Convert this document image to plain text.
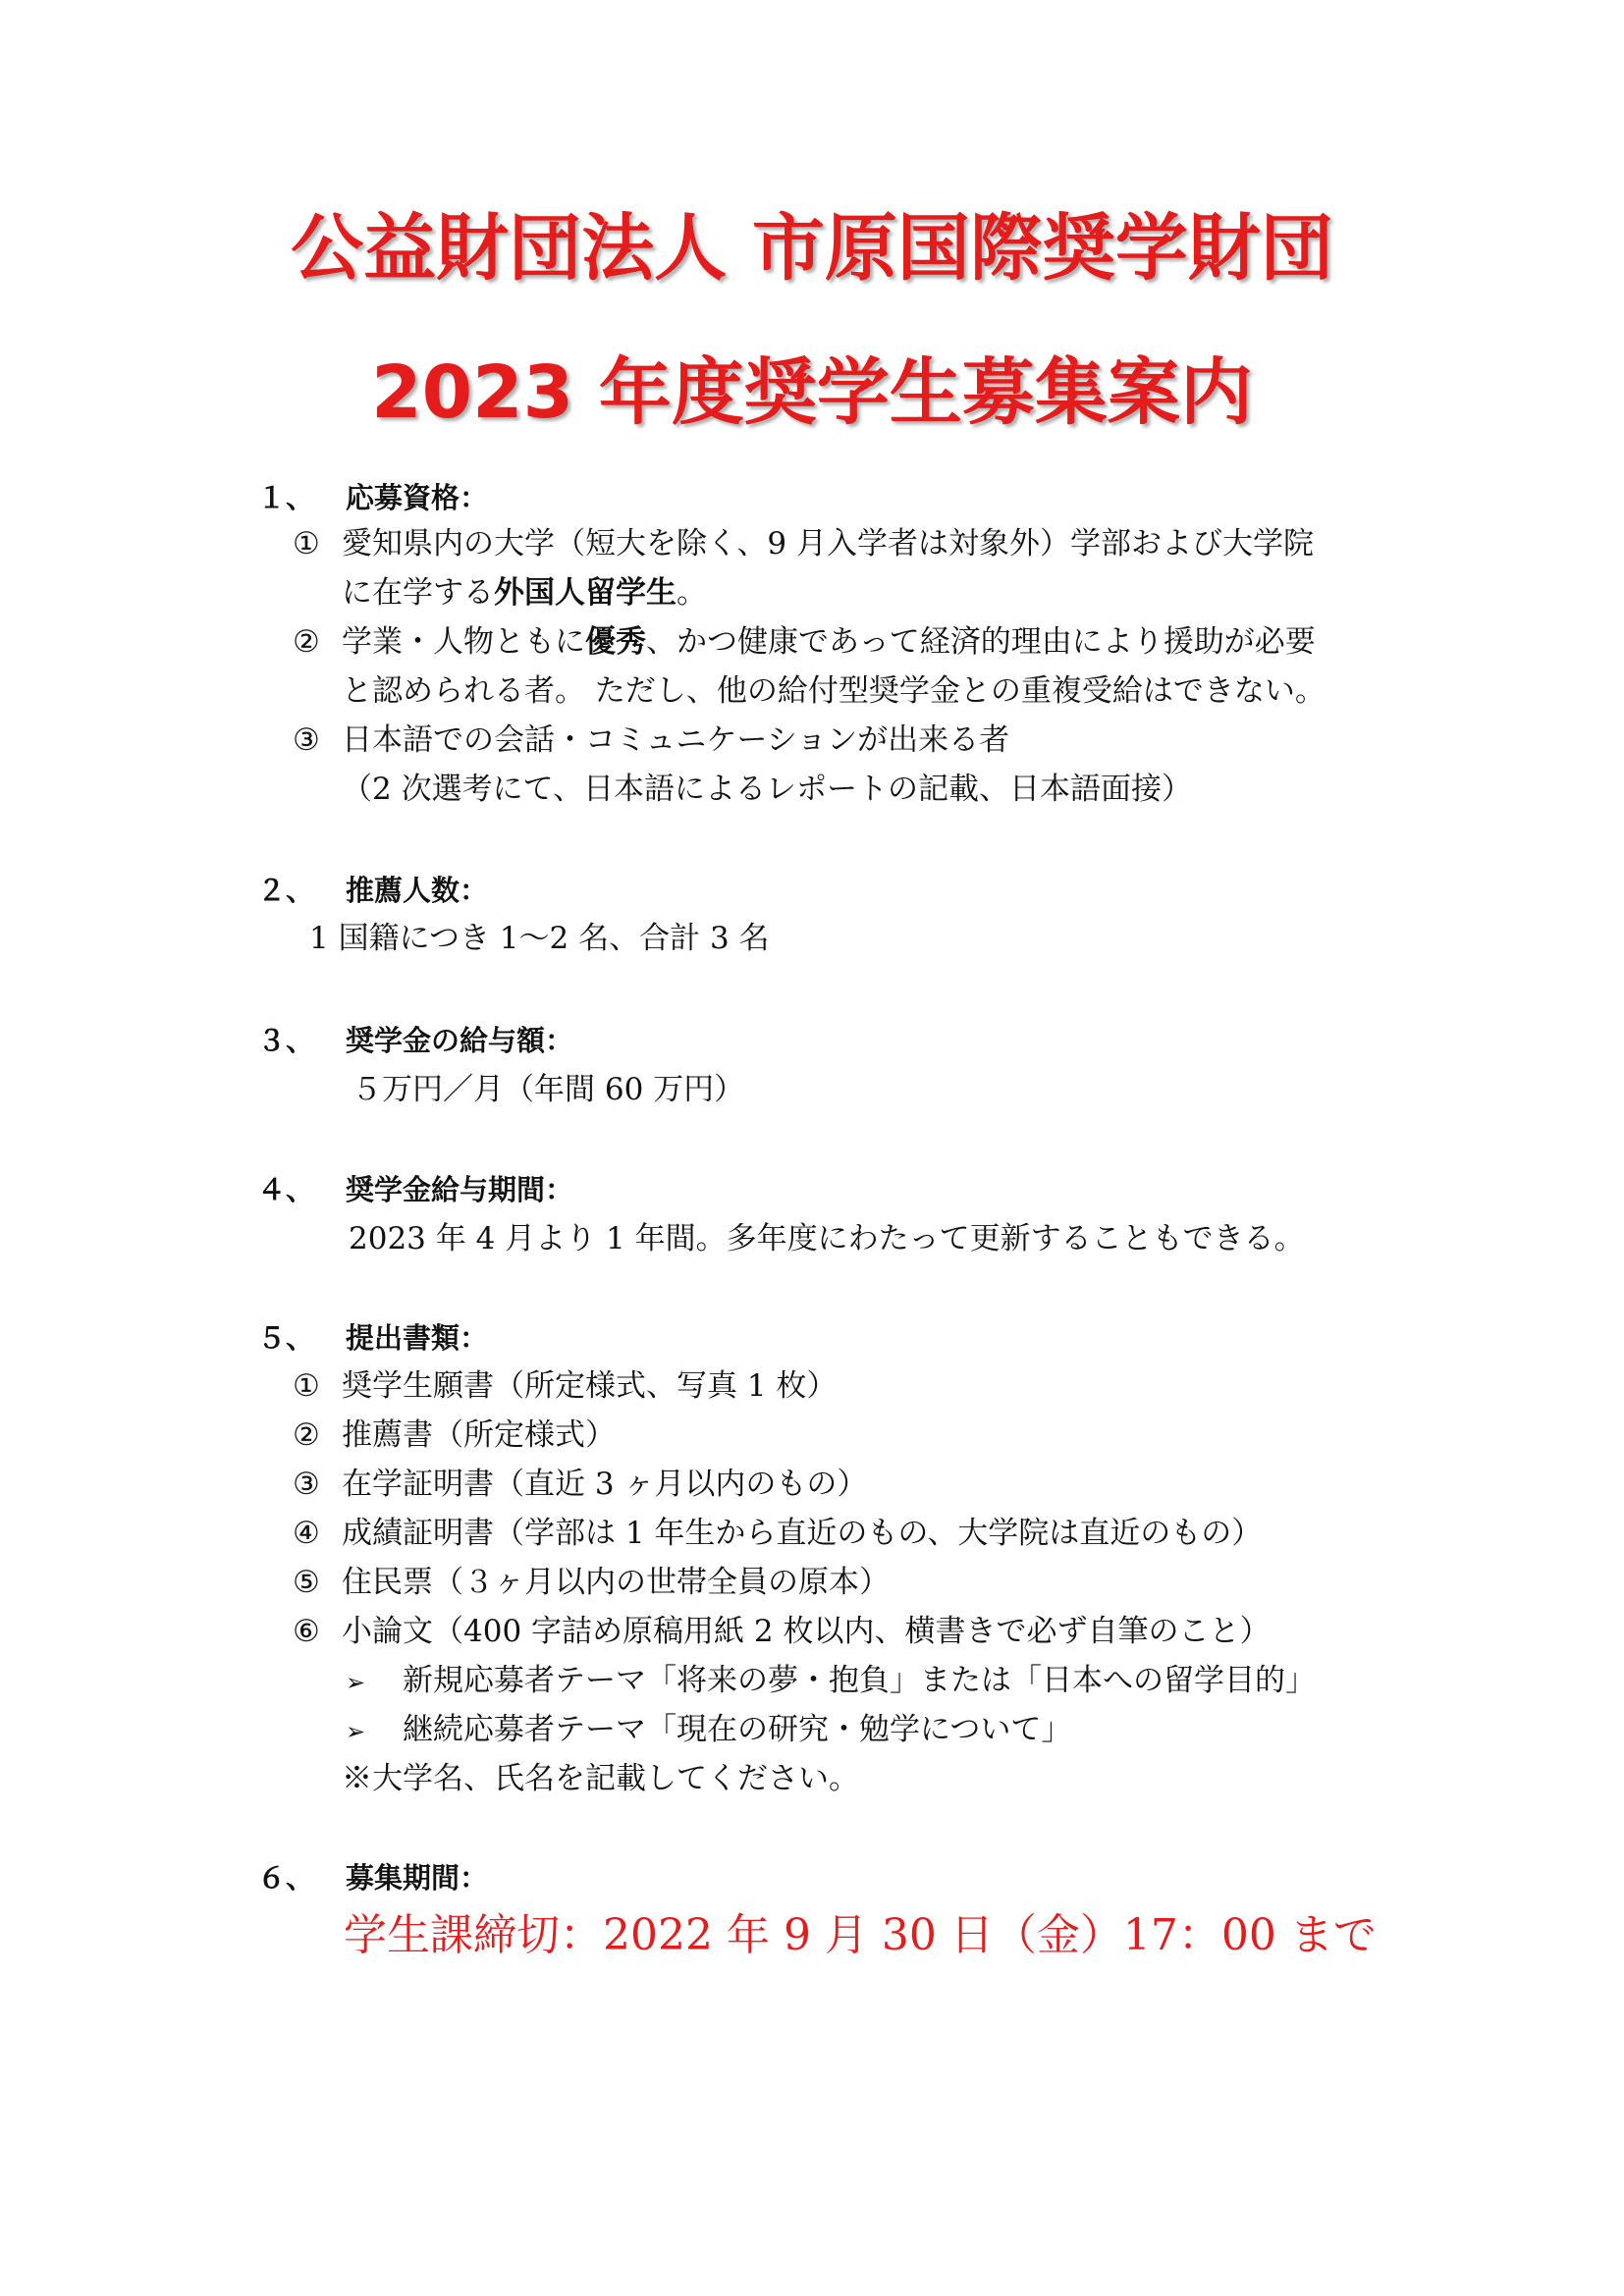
公益財団法人 市原国際奨学財団
2023 年度奨学生募集案内
１、 応募資格：
① 愛知県内の大学（短大を除く、9 月入学者は対象外）学部および大学院
に在学する外国人留学生。
② 学業・人物ともに優秀、かつ健康であって経済的理由により援助が必要
と認められる者。 ただし、他の給付型奨学金との重複受給はできない。
③ 日本語での会話・コミュニケーションが出来る者
（2 次選考にて、日本語によるレポートの記載、日本語面接）
２、 推薦人数：
1 国籍につき 1～2 名、合計 3 名
３、 奨学金の給与額：
５万円／月（年間 60 万円）
４、 奨学金給与期間：
2023 年 4 月より 1 年間。多年度にわたって更新することもできる。
５、 提出書類：
① 奨学生願書（所定様式、写真 1 枚）
② 推薦書（所定様式）
③ 在学証明書（直近 3 ヶ月以内のもの）
④ 成績証明書（学部は 1 年生から直近のもの、大学院は直近のもの）
⑤ 住民票（３ヶ月以内の世帯全員の原本）
⑥ 小論文（400 字詰め原稿用紙 2 枚以内、横書きで必ず自筆のこと）
➢ 新規応募者テーマ「将来の夢・抱負」または「日本への留学目的」
➢ 継続応募者テーマ「現在の研究・勉学について」
※大学名、氏名を記載してください。
６、 募集期間：
学生課締切：2022 年 9 月 30 日（金）17：00 まで
